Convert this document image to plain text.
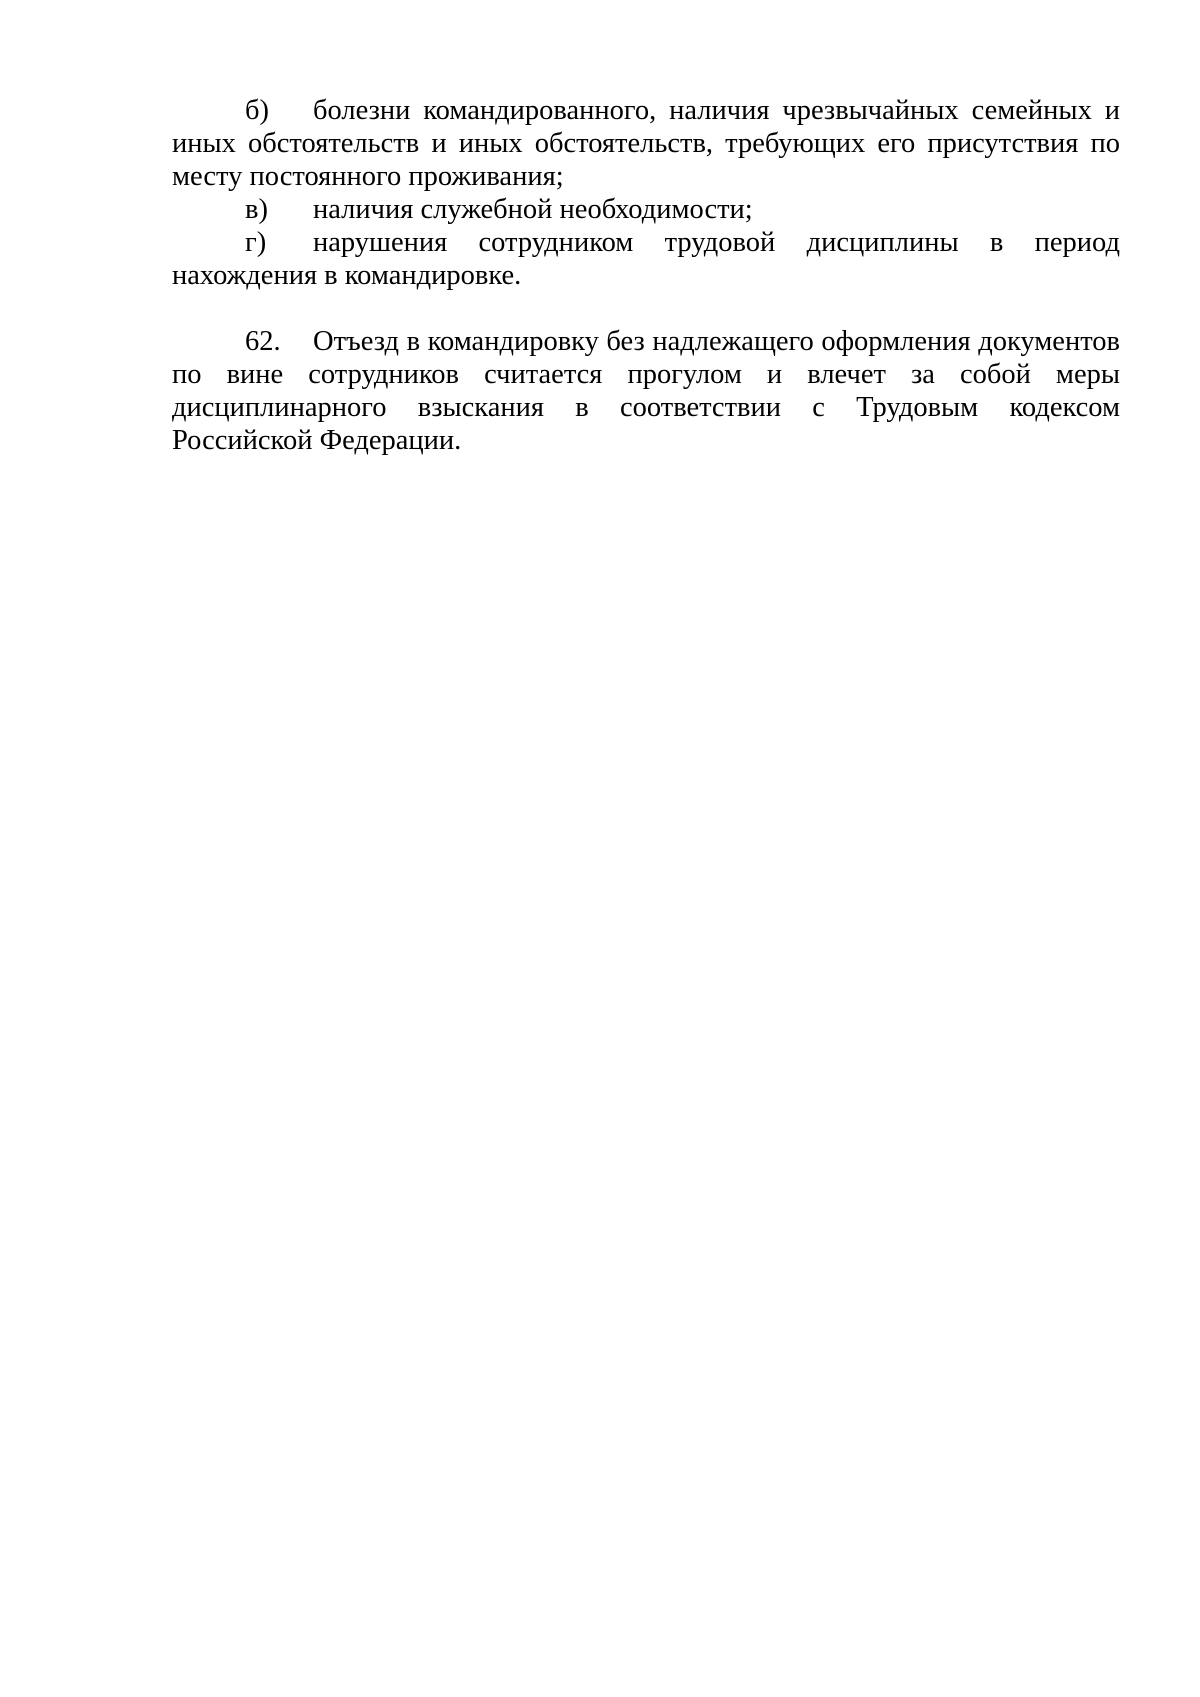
б) болезни командированного, наличия чрезвычайных семейных и иных обстоятельств и иных обстоятельств, требующих его присутствия по месту постоянного проживания;

в) наличия служебной необходимости;

г) нарушения сотрудником трудовой дисциплины в период нахождения в командировке.

62. Отъезд в командировку без надлежащего оформления документов по вине сотрудников считается прогулом и влечет за собой меры дисциплинарного взыскания в соответствии с Трудовым кодексом Российской Федерации.
